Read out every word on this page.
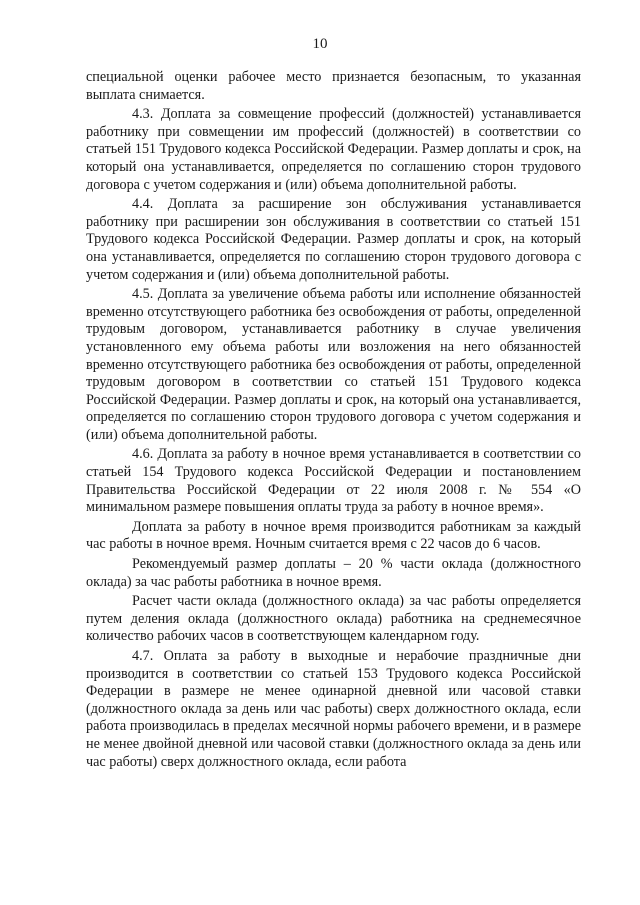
10

специальной оценки рабочее место признается безопасным, то указанная выплата снимается.

4.3. Доплата за совмещение профессий (должностей) устанавливается работнику при совмещении им профессий (должностей) в соответствии со статьей 151 Трудового кодекса Российской Федерации. Размер доплаты и срок, на который она устанавливается, определяется по соглашению сторон трудового договора с учетом содержания и (или) объема дополнительной работы.

4.4. Доплата за расширение зон обслуживания устанавливается работнику при расширении зон обслуживания в соответствии со статьей 151 Трудового кодекса Российской Федерации. Размер доплаты и срок, на который она устанавливается, определяется по соглашению сторон трудового договора с учетом содержания и (или) объема дополнительной работы.

4.5. Доплата за увеличение объема работы или исполнение обязанностей временно отсутствующего работника без освобождения от работы, определенной трудовым договором, устанавливается работнику в случае увеличения установленного ему объема работы или возложения на него обязанностей временно отсутствующего работника без освобождения от работы, определенной трудовым договором в соответствии со статьей 151 Трудового кодекса Российской Федерации. Размер доплаты и срок, на который она устанавливается, определяется по соглашению сторон трудового договора с учетом содержания и (или) объема дополнительной работы.

4.6. Доплата за работу в ночное время устанавливается в соответствии со статьей 154 Трудового кодекса Российской Федерации и постановлением Правительства Российской Федерации от 22 июля 2008 г. № 554 «О минимальном размере повышения оплаты труда за работу в ночное время».

Доплата за работу в ночное время производится работникам за каждый час работы в ночное время. Ночным считается время с 22 часов до 6 часов.

Рекомендуемый размер доплаты – 20 % части оклада (должностного оклада) за час работы работника в ночное время.

Расчет части оклада (должностного оклада) за час работы определяется путем деления оклада (должностного оклада) работника на среднемесячное количество рабочих часов в соответствующем календарном году.

4.7. Оплата за работу в выходные и нерабочие праздничные дни производится в соответствии со статьей 153 Трудового кодекса Российской Федерации в размере не менее одинарной дневной или часовой ставки (должностного оклада за день или час работы) сверх должностного оклада, если работа производилась в пределах месячной нормы рабочего времени, и в размере не менее двойной дневной или часовой ставки (должностного оклада за день или час работы) сверх должностного оклада, если работа
